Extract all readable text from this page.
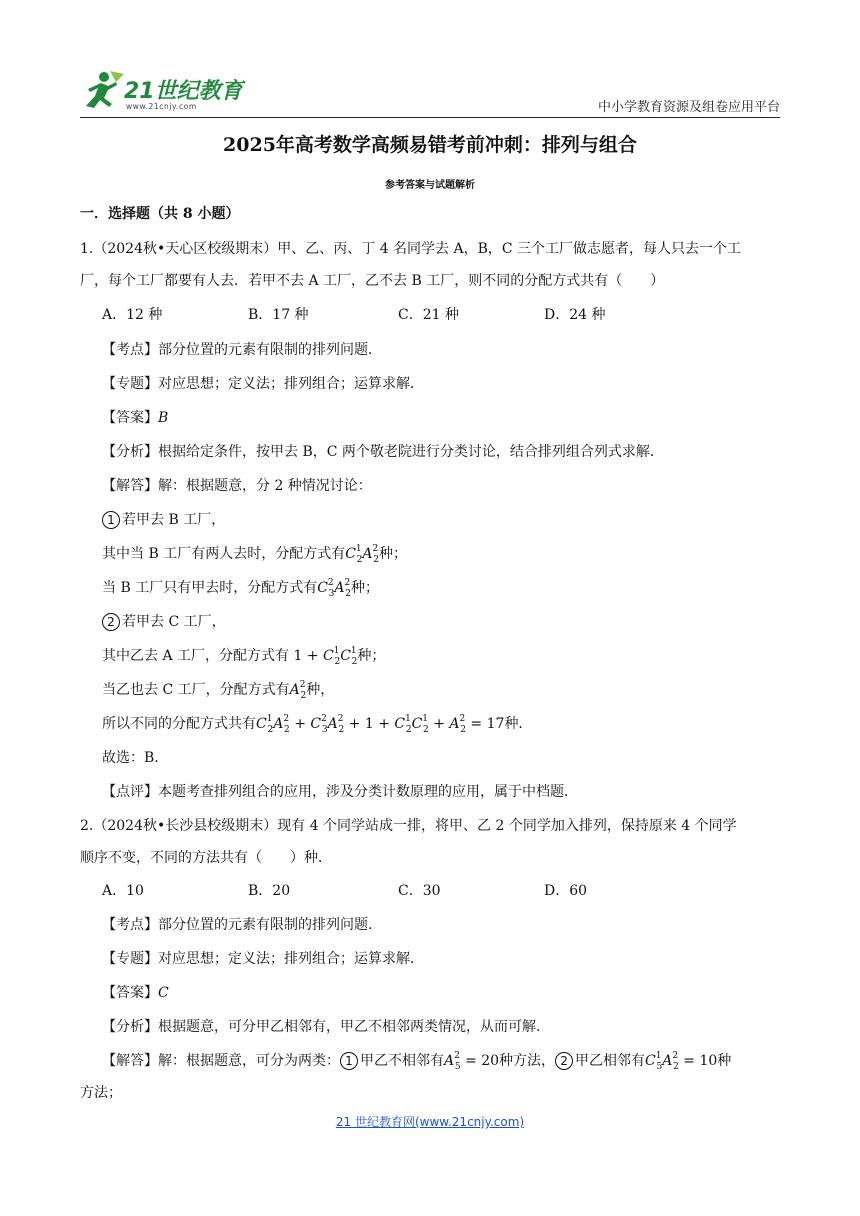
21世纪教育
www.21cnjy.com	中小学教育资源及组卷应用平台
2025年高考数学高频易错考前冲刺：排列与组合
参考答案与试题解析
一．选择题（共 8 小题）
1.（2024秋•天心区校级期末）甲、乙、丙、丁 4 名同学去 A，B，C 三个工厂做志愿者，每人只去一个工
厂，每个工厂都要有人去．若甲不去 A 工厂，乙不去 B 工厂，则不同的分配方式共有（　　）
A．12 种	B．17 种	C．21 种	D．24 种
【考点】部分位置的元素有限制的排列问题．
【专题】对应思想；定义法；排列组合；运算求解．
【答案】B
【分析】根据给定条件，按甲去 B，C 两个敬老院进行分类讨论，结合排列组合列式求解．
【解答】解：根据题意，分 2 种情况讨论：
1 若甲去 B 工厂，
其中当 B 工厂有两人去时，分配方式有$C^1_2A^2_2$种；
当 B 工厂只有甲去时，分配方式有$C^2_3A^2_2$种；
2 若甲去 C 工厂，
其中乙去 A 工厂，分配方式有 $1 + C^1_2C^1_2$种；
当乙也去 C 工厂，分配方式有$A^2_2$种，
所以不同的分配方式共有$C^1_2A^2_2 + C^2_3A^2_2 + 1 + C^1_2C^1_2 + A^2_2 = 17$种．
故选：B．
【点评】本题考查排列组合的应用，涉及分类计数原理的应用，属于中档题．
2.（2024秋•长沙县校级期末）现有 4 个同学站成一排，将甲、乙 2 个同学加入排列，保持原来 4 个同学
顺序不变，不同的方法共有（　　）种．
A．10	B．20	C．30	D．60
【考点】部分位置的元素有限制的排列问题．
【专题】对应思想；定义法；排列组合；运算求解．
【答案】C
【分析】根据题意，可分甲乙相邻有，甲乙不相邻两类情况，从而可解．
【解答】解：根据题意，可分为两类： 1 甲乙不相邻有$A^2_5 = 20$种方法， 2 甲乙相邻有$C^1_5A^2_2 = 10$种
方法；
21 世纪教育网(www.21cnjy.com)
